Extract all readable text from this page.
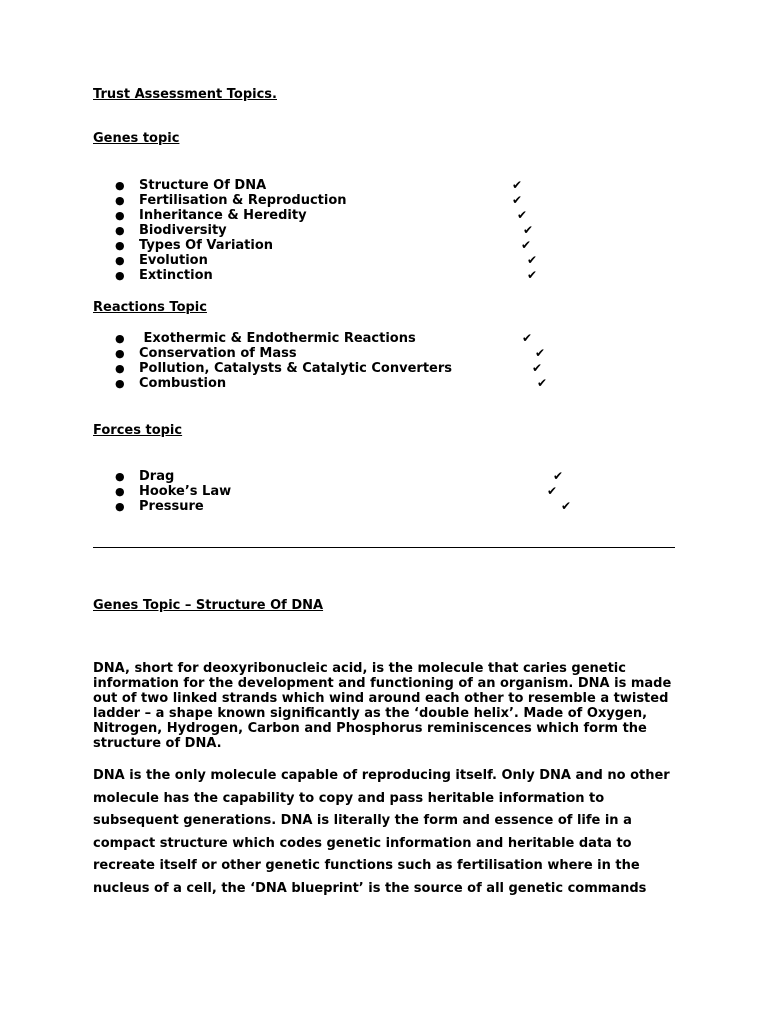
Trust Assessment Topics.
Genes topic
● Structure Of DNA	✔
● Fertilisation & Reproduction	✔
● Inheritance & Heredity	✔
● Biodiversity	✔
● Types Of Variation	✔
● Evolution	✔
● Extinction	✔
Reactions Topic
● Exothermic & Endothermic Reactions	✔
● Conservation of Mass	✔
● Pollution, Catalysts & Catalytic Converters	✔
● Combustion	✔
Forces topic
● Drag	✔
● Hooke’s Law	✔
● Pressure	✔
Genes Topic – Structure Of DNA

DNA, short for deoxyribonucleic acid, is the molecule that caries genetic information for the development and functioning of an organism. DNA is made out of two linked strands which wind around each other to resemble a twisted ladder – a shape known significantly as the ‘double helix’. Made of Oxygen, Nitrogen, Hydrogen, Carbon and Phosphorus reminiscences which form the structure of DNA.

DNA is the only molecule capable of reproducing itself. Only DNA and no other molecule has the capability to copy and pass heritable information to subsequent generations. DNA is literally the form and essence of life in a compact structure which codes genetic information and heritable data to recreate itself or other genetic functions such as fertilisation where in the nucleus of a cell, the ‘DNA blueprint’ is the source of all genetic commands
